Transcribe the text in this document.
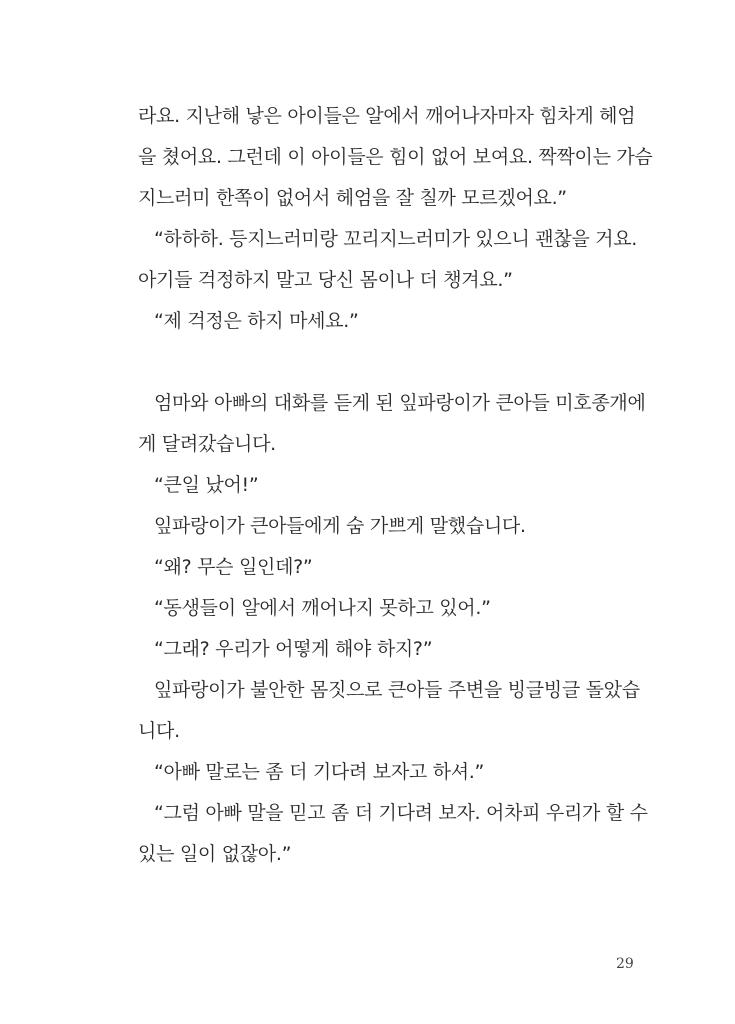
라요. 지난해 낳은 아이들은 알에서 깨어나자마자 힘차게 헤엄
을 쳤어요. 그런데 이 아이들은 힘이 없어 보여요. 짝짝이는 가슴
지느러미 한쪽이 없어서 헤엄을 잘 칠까 모르겠어요.”
“하하하. 등지느러미랑 꼬리지느러미가 있으니 괜찮을 거요.
아기들 걱정하지 말고 당신 몸이나 더 챙겨요.”
“제 걱정은 하지 마세요.”
엄마와 아빠의 대화를 듣게 된 잎파랑이가 큰아들 미호종개에
게 달려갔습니다.
“큰일 났어!”
잎파랑이가 큰아들에게 숨 가쁘게 말했습니다.
“왜? 무슨 일인데?”
“동생들이 알에서 깨어나지 못하고 있어.”
“그래? 우리가 어떻게 해야 하지?”
잎파랑이가 불안한 몸짓으로 큰아들 주변을 빙글빙글 돌았습
니다.
“아빠 말로는 좀 더 기다려 보자고 하셔.”
“그럼 아빠 말을 믿고 좀 더 기다려 보자. 어차피 우리가 할 수
있는 일이 없잖아.”
29
